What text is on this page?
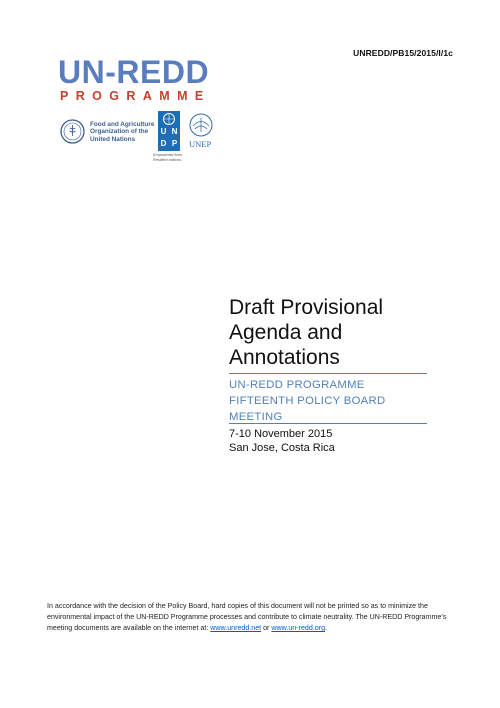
UNREDD/PB15/2015/I/1c
UN-REDD
PROGRAMME
Food and Agriculture
Organization of the
United Nations
U N
D P
Empowered lives.
Resilient nations.
UNEP
Draft Provisional
Agenda and
Annotations
UN-REDD PROGRAMME
FIFTEENTH POLICY BOARD
MEETING
7-10 November 2015
San Jose, Costa Rica
In accordance with the decision of the Policy Board, hard copies of this document will not be printed so as to minimize the environmental impact of the UN-REDD Programme processes and contribute to climate neutrality. The UN-REDD Programme's meeting documents are available on the internet at: www.unredd.net or www.un-redd.org.
